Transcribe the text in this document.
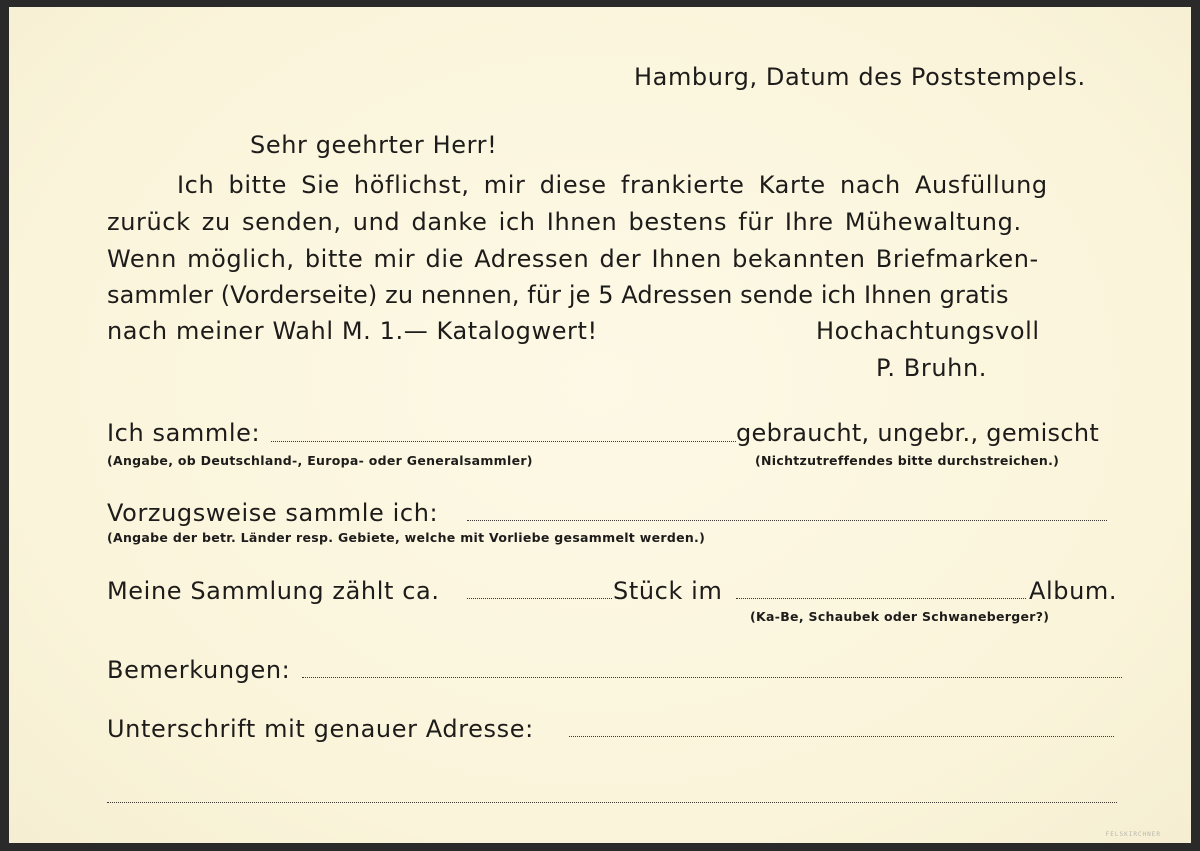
Hamburg, Datum des Poststempels.
Sehr geehrter Herr!
Ich bitte Sie höflichst, mir diese frankierte Karte nach Ausfüllung
zurück zu senden, und danke ich Ihnen bestens für Ihre Mühewaltung.
Wenn möglich, bitte mir die Adressen der Ihnen bekannten Briefmarken-
sammler (Vorderseite) zu nennen, für je 5 Adressen sende ich Ihnen gratis
nach meiner Wahl M. 1.— Katalogwert!	Hochachtungsvoll
P. Bruhn.
Ich sammle:	gebraucht, ungebr., gemischt
(Angabe, ob Deutschland-, Europa- oder Generalsammler)	(Nichtzutreffendes bitte durchstreichen.)
Vorzugsweise sammle ich:
(Angabe der betr. Länder resp. Gebiete, welche mit Vorliebe gesammelt werden.)
Meine Sammlung zählt ca.	Stück im	Album.
(Ka-Be, Schaubek oder Schwaneberger?)
Bemerkungen:
Unterschrift mit genauer Adresse:
FELSKIRCHNER
